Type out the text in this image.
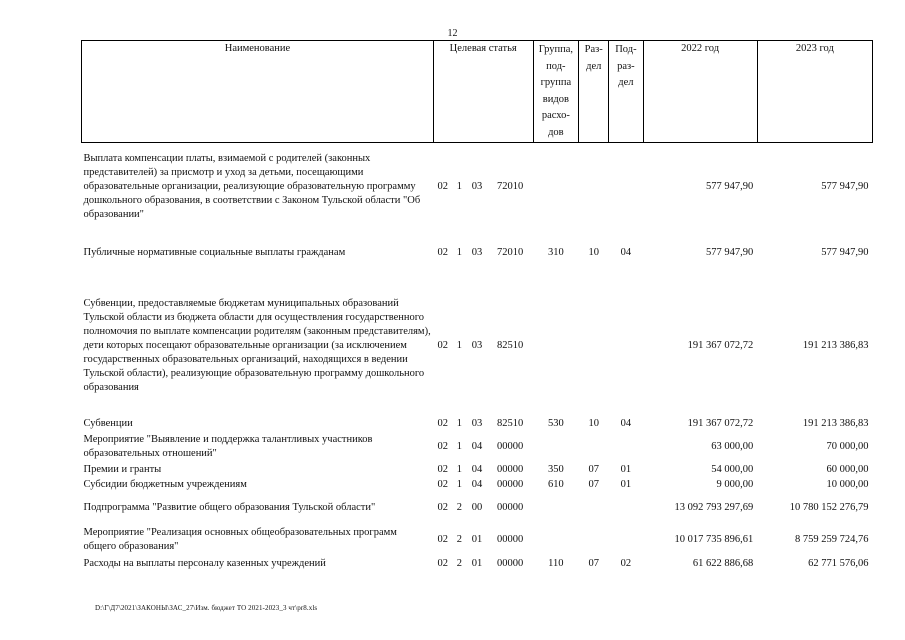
12
Наименование	Целевая статья				Группа, под-группа видов расхо-дов	Раз-дел	Под-раз-дел	2022 год	2023 год
Выплата компенсации платы, взимаемой с родителей (законных представителей) за присмотр и уход за детьми, посещающими образовательные организации, реализующие образовательную программу дошкольного образования, в соответствии с Законом Тульской области "Об образовании"	02	1	03	72010				577 947,90	577 947,90
Публичные нормативные социальные выплаты гражданам	02	1	03	72010	310	10	04	577 947,90	577 947,90
Субвенции, предоставляемые бюджетам муниципальных образований Тульской области из бюджета области для осуществления государственного полномочия по выплате компенсации родителям (законным представителям), дети которых посещают образовательные организации (за исключением государственных образовательных организаций, находящихся в ведении Тульской области), реализующие образовательную программу дошкольного образования	02	1	03	82510				191 367 072,72	191 213 386,83
Субвенции	02	1	03	82510	530	10	04	191 367 072,72	191 213 386,83
Мероприятие "Выявление и поддержка талантливых участников образовательных отношений"	02	1	04	00000				63 000,00	70 000,00
Премии и гранты	02	1	04	00000	350	07	01	54 000,00	60 000,00
Субсидии бюджетным учреждениям	02	1	04	00000	610	07	01	9 000,00	10 000,00
Подпрограмма "Развитие общего образования Тульской области"	02	2	00	00000				13 092 793 297,69	10 780 152 276,79
Мероприятие "Реализация основных общеобразовательных программ общего образования"	02	2	01	00000				10 017 735 896,61	8 759 259 724,76
Расходы на выплаты персоналу казенных учреждений	02	2	01	00000	110	07	02	61 622 886,68	62 771 576,06
D:\Г\Д7\2021\ЗАКОНЫ\ЗАС_27\Изм. бюджет ТО 2021-2023_3 чт\pr8.xls
